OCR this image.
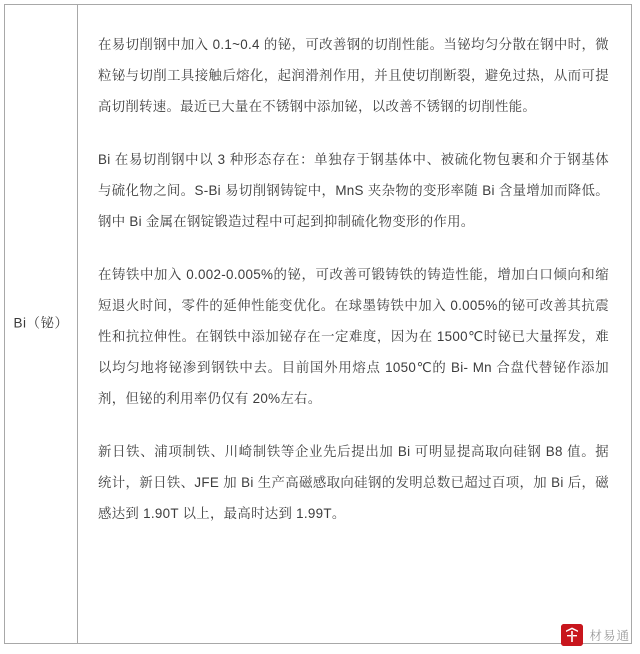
Bi（铋）

在易切削钢中加入 0.1~0.4 的铋，可改善钢的切削性能。当铋均匀分散在钢中时，微粒铋与切削工具接触后熔化，起润滑剂作用，并且使切削断裂，避免过热，从而可提高切削转速。最近已大量在不锈钢中添加铋，以改善不锈钢的切削性能。

Bi 在易切削钢中以 3 种形态存在：单独存于钢基体中、被硫化物包裹和介于钢基体与硫化物之间。S-Bi 易切削钢铸锭中，MnS 夹杂物的变形率随 Bi 含量增加而降低。钢中 Bi 金属在钢锭锻造过程中可起到抑制硫化物变形的作用。

在铸铁中加入 0.002-0.005%的铋，可改善可锻铸铁的铸造性能，增加白口倾向和缩短退火时间，零件的延伸性能变优化。在球墨铸铁中加入 0.005%的铋可改善其抗震性和抗拉伸性。在钢铁中添加铋存在一定难度，因为在 1500℃时铋已大量挥发，难以均匀地将铋渗到钢铁中去。目前国外用熔点 1050℃的 Bi- Mn 合盘代替铋作添加剂，但铋的利用率仍仅有 20%左右。

新日铁、浦项制铁、川崎制铁等企业先后提出加 Bi 可明显提高取向硅钢 B8 值。据统计，新日铁、JFE 加 Bi 生产高磁感取向硅钢的发明总数已超过百项，加 Bi 后，磁感达到 1.90T 以上，最高时达到 1.99T。

材易通
